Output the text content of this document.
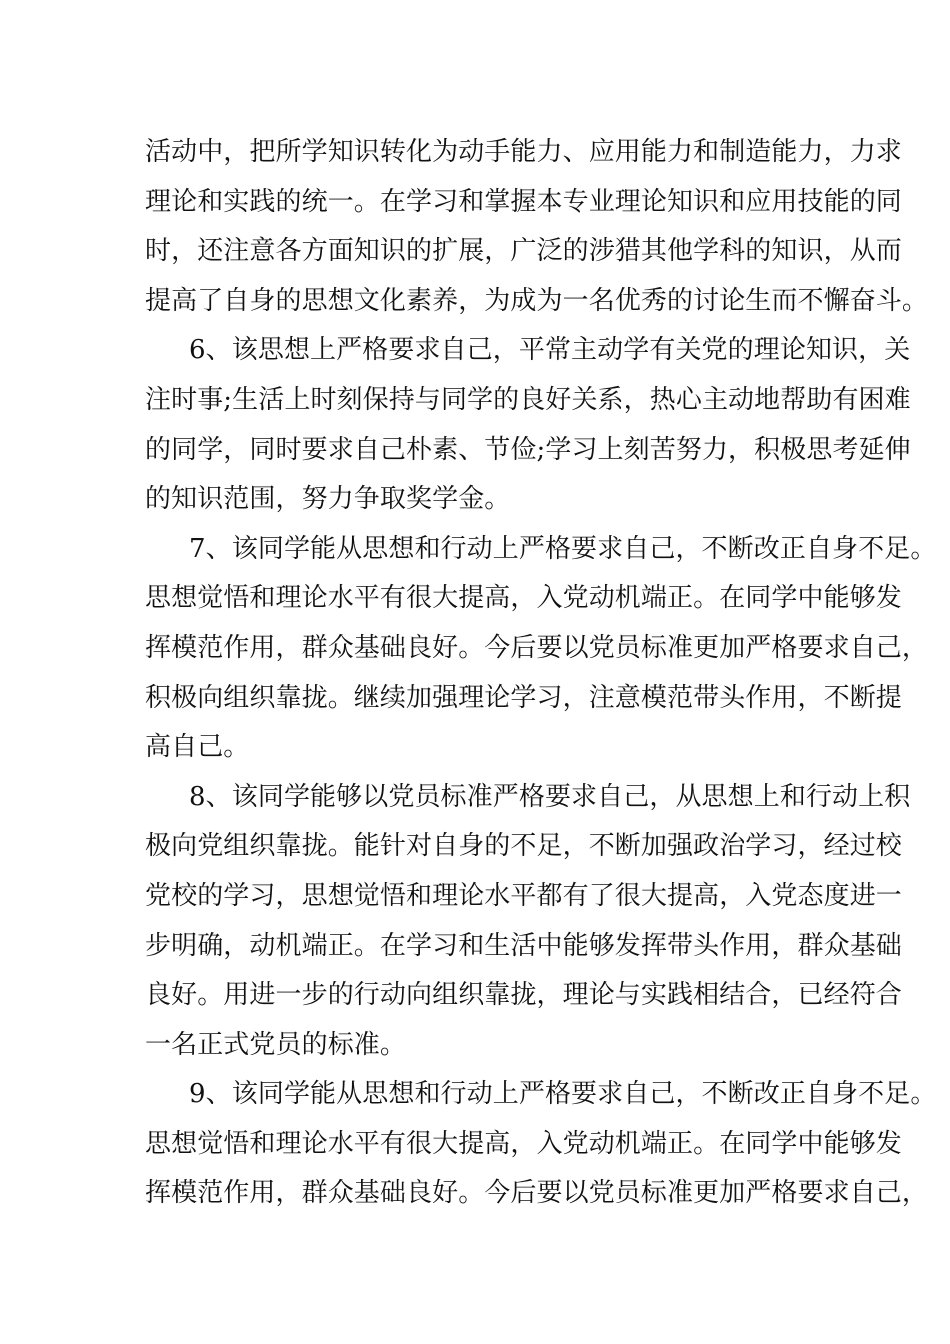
活动中，把所学知识转化为动手能力、应用能力和制造能力，力求
理论和实践的统一。在学习和掌握本专业理论知识和应用技能的同
时，还注意各方面知识的扩展，广泛的涉猎其他学科的知识，从而
提高了自身的思想文化素养，为成为一名优秀的讨论生而不懈奋斗。
6、该思想上严格要求自己，平常主动学有关党的理论知识，关
注时事;生活上时刻保持与同学的良好关系，热心主动地帮助有困难
的同学，同时要求自己朴素、节俭;学习上刻苦努力，积极思考延伸
的知识范围，努力争取奖学金。
7、该同学能从思想和行动上严格要求自己，不断改正自身不足。
思想觉悟和理论水平有很大提高，入党动机端正。在同学中能够发
挥模范作用，群众基础良好。今后要以党员标准更加严格要求自己，
积极向组织靠拢。继续加强理论学习，注意模范带头作用，不断提
高自己。
8、该同学能够以党员标准严格要求自己，从思想上和行动上积
极向党组织靠拢。能针对自身的不足，不断加强政治学习，经过校
党校的学习，思想觉悟和理论水平都有了很大提高，入党态度进一
步明确，动机端正。在学习和生活中能够发挥带头作用，群众基础
良好。用进一步的行动向组织靠拢，理论与实践相结合，已经符合
一名正式党员的标准。
9、该同学能从思想和行动上严格要求自己，不断改正自身不足。
思想觉悟和理论水平有很大提高，入党动机端正。在同学中能够发
挥模范作用，群众基础良好。今后要以党员标准更加严格要求自己，
